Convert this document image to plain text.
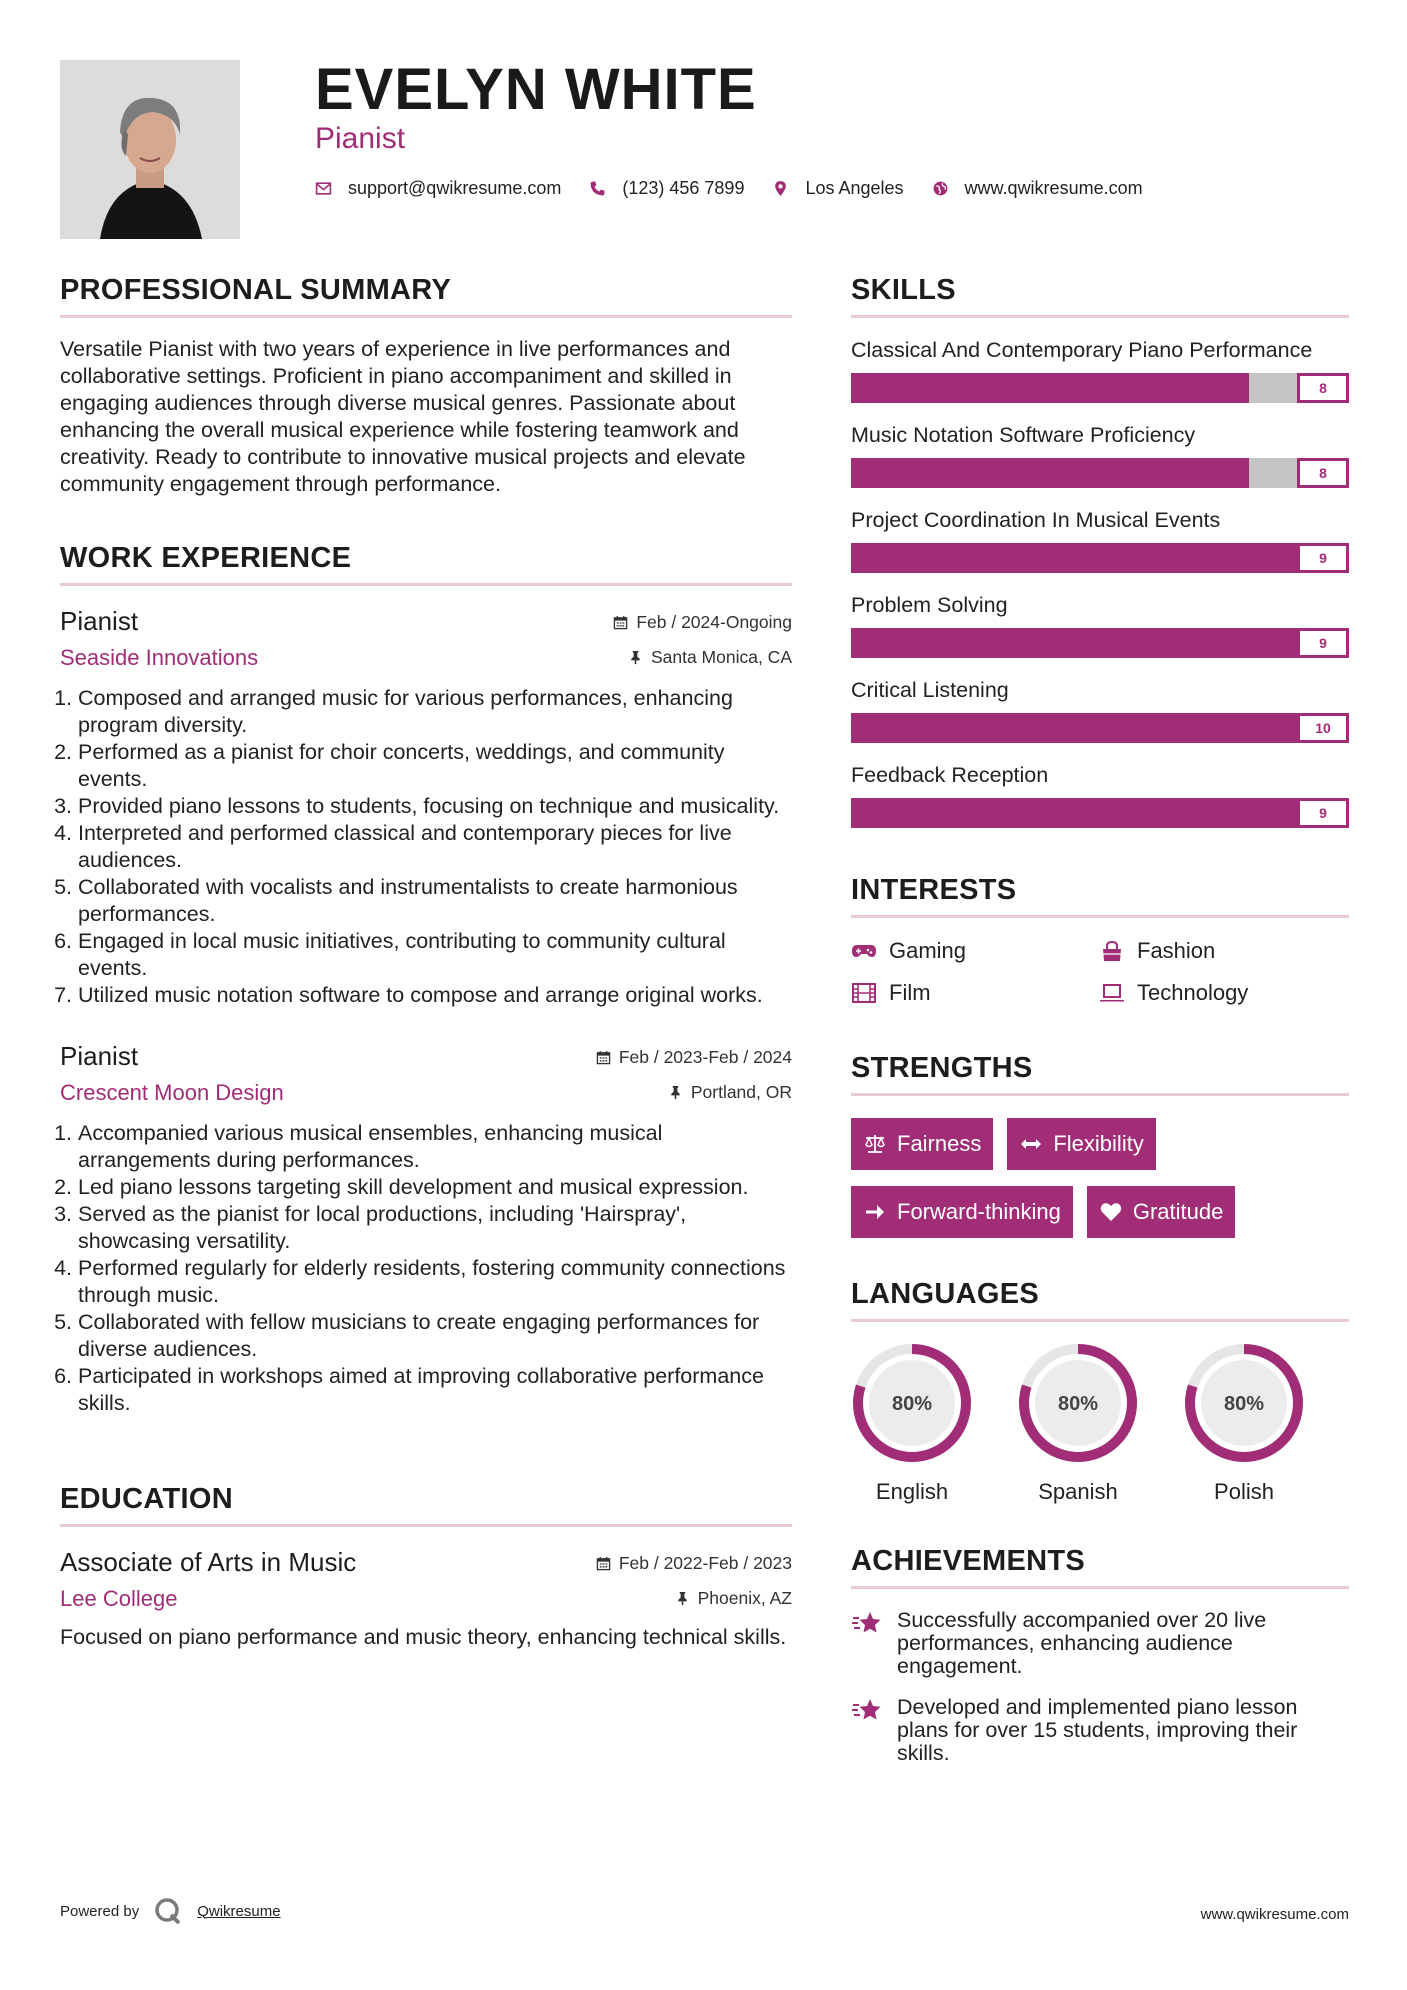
EVELYN WHITE
Pianist
support@qwikresume.com	(123) 456 7899	Los Angeles	www.qwikresume.com
PROFESSIONAL SUMMARY

Versatile Pianist with two years of experience in live performances and collaborative settings. Proficient in piano accompaniment and skilled in engaging audiences through diverse musical genres. Passionate about enhancing the overall musical experience while fostering teamwork and creativity. Ready to contribute to innovative musical projects and elevate community engagement through performance.

WORK EXPERIENCE
Pianist	Feb / 2024-Ongoing
Seaside Innovations	Santa Monica, CA
1. Composed and arranged music for various performances, enhancing program diversity.
2. Performed as a pianist for choir concerts, weddings, and community events.
3. Provided piano lessons to students, focusing on technique and musicality.
4. Interpreted and performed classical and contemporary pieces for live audiences.
5. Collaborated with vocalists and instrumentalists to create harmonious performances.
6. Engaged in local music initiatives, contributing to community cultural events.
7. Utilized music notation software to compose and arrange original works.
Pianist	Feb / 2023-Feb / 2024
Crescent Moon Design	Portland, OR
1. Accompanied various musical ensembles, enhancing musical arrangements during performances.
2. Led piano lessons targeting skill development and musical expression.
3. Served as the pianist for local productions, including 'Hairspray', showcasing versatility.
4. Performed regularly for elderly residents, fostering community connections through music.
5. Collaborated with fellow musicians to create engaging performances for diverse audiences.
6. Participated in workshops aimed at improving collaborative performance skills.
EDUCATION
Associate of Arts in Music	Feb / 2022-Feb / 2023
Lee College	Phoenix, AZ

Focused on piano performance and music theory, enhancing technical skills.

SKILLS
Classical And Contemporary Piano Performance
8
Music Notation Software Proficiency
8
Project Coordination In Musical Events
9
Problem Solving
9
Critical Listening
10
Feedback Reception
9
INTERESTS
Gaming	Fashion
Film	Technology
STRENGTHS
Fairness	Flexibility
Forward-thinking	Gratitude
LANGUAGES
80%
English
80%
Spanish
80%
Polish
ACHIEVEMENTS
Successfully accompanied over 20 live performances, enhancing audience engagement.
Developed and implemented piano lesson plans for over 15 students, improving their skills.
Powered by	Qwikresume	www.qwikresume.com
